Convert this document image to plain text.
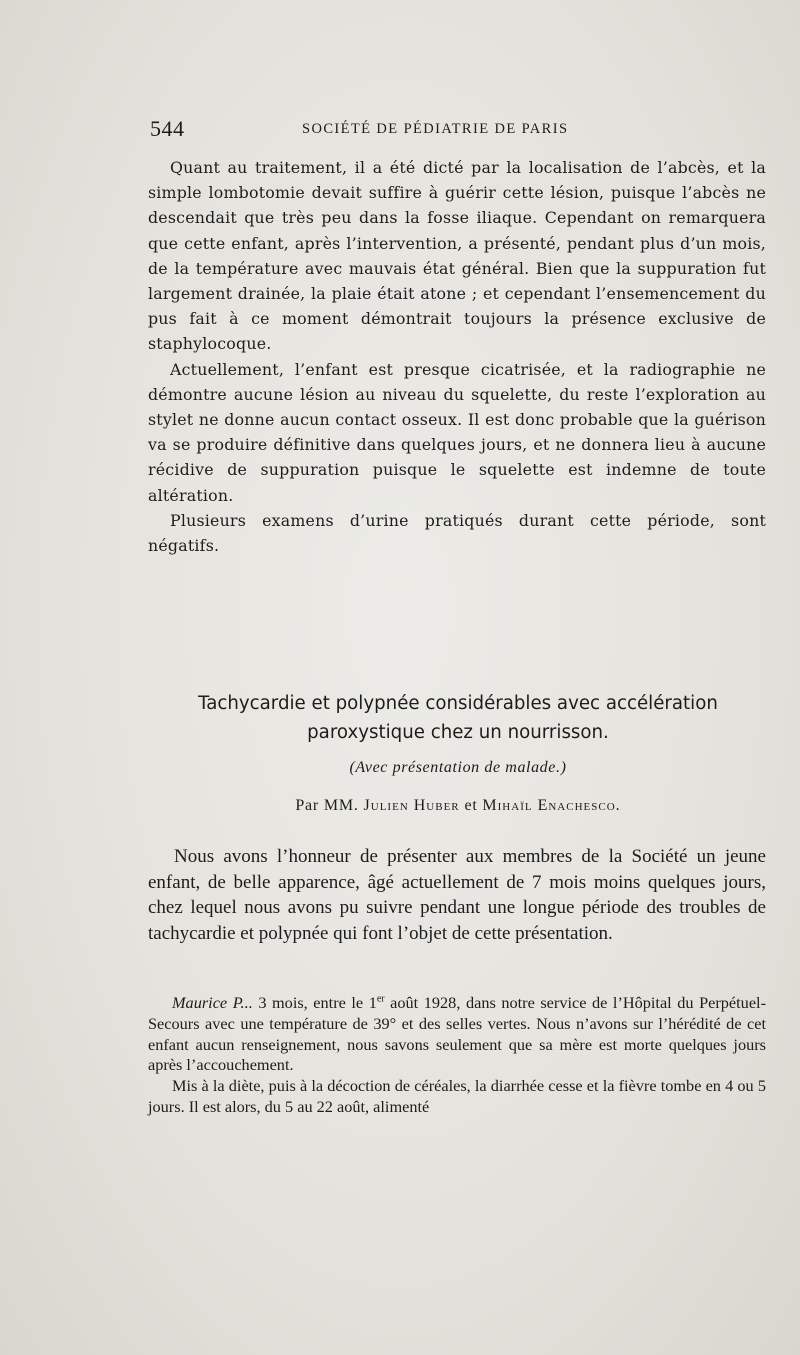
544	SOCIÉTÉ DE PÉDIATRIE DE PARIS

Quant au traitement, il a été dicté par la localisation de l’abcès, et la simple lombotomie devait suffire à guérir cette lésion, puisque l’abcès ne descendait que très peu dans la fosse iliaque. Cependant on remarquera que cette enfant, après l’intervention, a présenté, pendant plus d’un mois, de la température avec mauvais état général. Bien que la suppuration fut largement drainée, la plaie était atone ; et cependant l’ensemencement du pus fait à ce moment démontrait toujours la présence exclusive de staphylocoque.

Actuellement, l’enfant est presque cicatrisée, et la radiographie ne démontre aucune lésion au niveau du squelette, du reste l’exploration au stylet ne donne aucun contact osseux. Il est donc probable que la guérison va se produire définitive dans quelques jours, et ne donnera lieu à aucune récidive de suppuration puisque le squelette est indemne de toute altération.

Plusieurs examens d’urine pratiqués durant cette période, sont négatifs.

Tachycardie et polypnée considérables avec accélération
paroxystique chez un nourrisson.
(Avec présentation de malade.)
Par MM. Julien Huber et Mihaïl Enachesco.

Nous avons l’honneur de présenter aux membres de la Société un jeune enfant, de belle apparence, âgé actuellement de 7 mois moins quelques jours, chez lequel nous avons pu suivre pendant une longue période des troubles de tachycardie et polypnée qui font l’objet de cette présentation.

Maurice P... 3 mois, entre le 1er août 1928, dans notre service de l’Hôpital du Perpétuel-Secours avec une température de 39° et des selles vertes. Nous n’avons sur l’hérédité de cet enfant aucun renseignement, nous savons seulement que sa mère est morte quelques jours après l’accouchement.

Mis à la diète, puis à la décoction de céréales, la diarrhée cesse et la fièvre tombe en 4 ou 5 jours. Il est alors, du 5 au 22 août, alimenté
